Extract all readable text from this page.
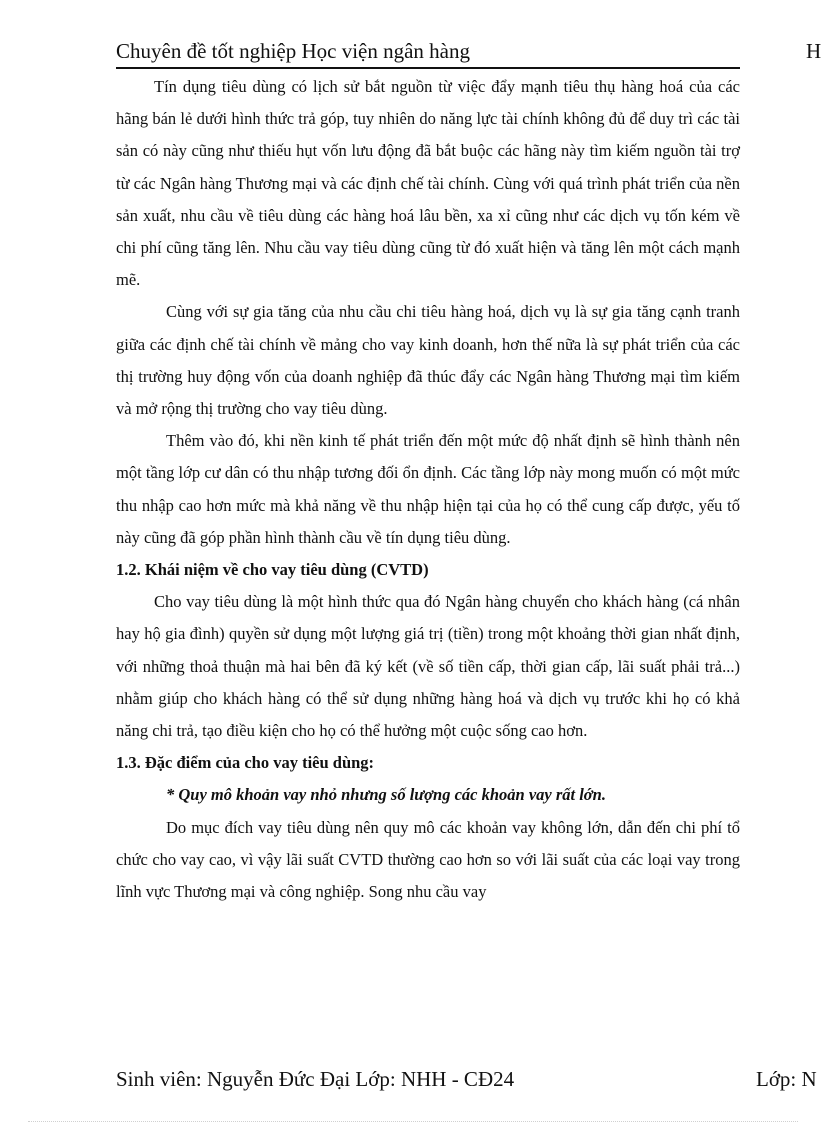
Chuyên đề tốt nghiệp Học viện ngân hàng	H

Tín dụng tiêu dùng có lịch sử bắt nguồn từ việc đẩy mạnh tiêu thụ hàng hoá của các hãng bán lẻ dưới hình thức trả góp, tuy nhiên do năng lực tài chính không đủ để duy trì các tài sản có này cũng như thiếu hụt vốn lưu động đã bắt buộc các hãng này tìm kiếm nguồn tài trợ từ các Ngân hàng Thương mại và các định chế tài chính. Cùng với quá trình phát triển của nền sản xuất, nhu cầu về tiêu dùng các hàng hoá lâu bền, xa xỉ cũng như các dịch vụ tốn kém về chi phí cũng tăng lên. Nhu cầu vay tiêu dùng cũng từ đó xuất hiện và tăng lên một cách mạnh mẽ.

Cùng với sự gia tăng của nhu cầu chi tiêu hàng hoá, dịch vụ là sự gia tăng cạnh tranh giữa các định chế tài chính về mảng cho vay kinh doanh, hơn thế nữa là sự phát triển của các thị trường huy động vốn của doanh nghiệp đã thúc đẩy các Ngân hàng Thương mại tìm kiếm và mở rộng thị trường cho vay tiêu dùng.

Thêm vào đó, khi nền kinh tế phát triển đến một mức độ nhất định sẽ hình thành nên một tầng lớp cư dân có thu nhập tương đối ổn định. Các tầng lớp này mong muốn có một mức thu nhập cao hơn mức mà khả năng về thu nhập hiện tại của họ có thể cung cấp được, yếu tố này cũng đã góp phần hình thành cầu về tín dụng tiêu dùng.

1.2. Khái niệm về cho vay tiêu dùng (CVTD)

Cho vay tiêu dùng là một hình thức qua đó Ngân hàng chuyển cho khách hàng (cá nhân hay hộ gia đình) quyền sử dụng một lượng giá trị (tiền) trong một khoảng thời gian nhất định, với những thoả thuận mà hai bên đã ký kết (về số tiền cấp, thời gian cấp, lãi suất phải trả...) nhằm giúp cho khách hàng có thể sử dụng những hàng hoá và dịch vụ trước khi họ có khả năng chi trả, tạo điều kiện cho họ có thể hưởng một cuộc sống cao hơn.

1.3. Đặc điểm của cho vay tiêu dùng:

* Quy mô khoản vay nhỏ nhưng số lượng các khoản vay rất lớn.

Do mục đích vay tiêu dùng nên quy mô các khoản vay không lớn, dẫn đến chi phí tổ chức cho vay cao, vì vậy lãi suất CVTD thường cao hơn so với lãi suất của các loại vay trong lĩnh vực Thương mại và công nghiệp. Song nhu cầu vay

Sinh viên: Nguyễn Đức Đại Lớp: NHH - CĐ24	Lớp: N
